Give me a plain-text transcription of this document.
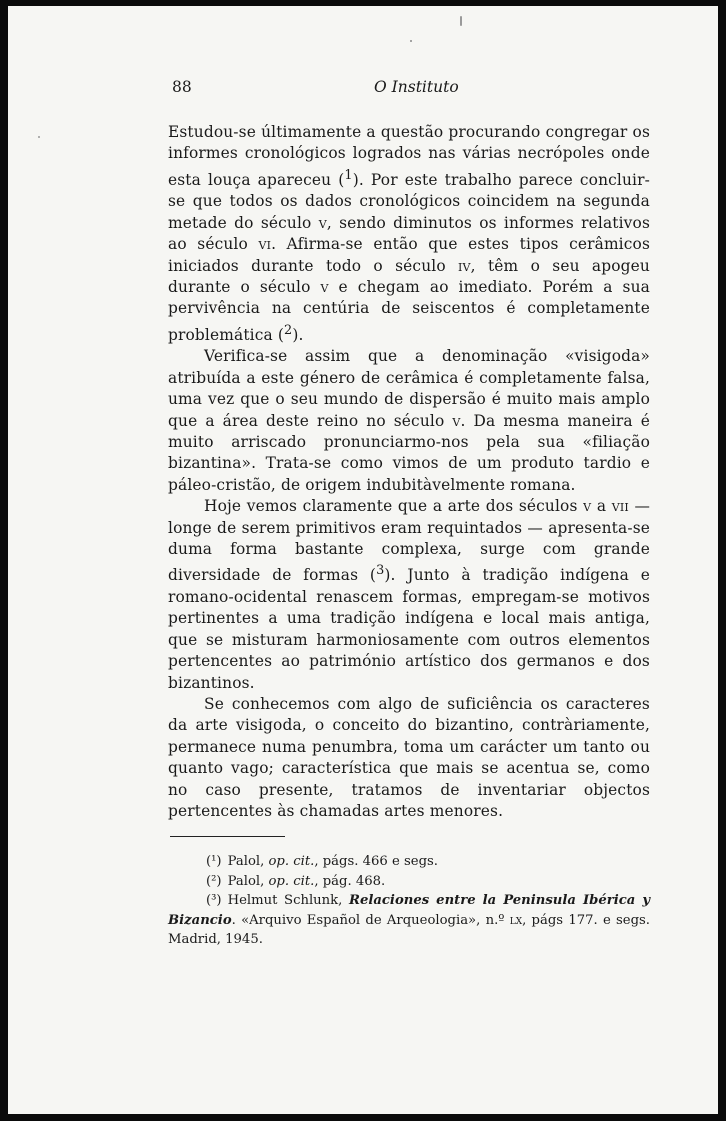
88	O Instituto

Estudou-se últimamente a questão procurando congregar os informes cronológicos logrados nas várias necrópoles onde esta louça apareceu ($^1$). Por este trabalho parece concluir-se que todos os dados cronológicos coincidem na segunda metade do século v, sendo diminutos os informes relativos ao século vi. Afirma-se então que estes tipos cerâmicos iniciados durante todo o século iv, têm o seu apogeu durante o século v e chegam ao imediato. Porém a sua pervivência na centúria de seiscentos é completamente problemática ($^2$).

Verifica-se assim que a denominação «visigoda» atribuída a este género de cerâmica é completamente falsa, uma vez que o seu mundo de dispersão é muito mais amplo que a área deste reino no século v. Da mesma maneira é muito arriscado pronunciarmo-nos pela sua «filiação bizantina». Trata-se como vimos de um produto tardio e páleo-cristão, de origem indubitàvelmente romana.

Hoje vemos claramente que a arte dos séculos v a vii — longe de serem primitivos eram requintados — apresenta-se duma forma bastante complexa, surge com grande diversidade de formas ($^3$). Junto à tradição indígena e romano-ocidental renascem formas, empregam-se motivos pertinentes a uma tradição indígena e local mais antiga, que se misturam harmoniosamente com outros elementos pertencentes ao património artístico dos germanos e dos bizantinos.

Se conhecemos com algo de suficiência os caracteres da arte visigoda, o conceito do bizantino, contràriamente, permanece numa penumbra, toma um carácter um tanto ou quanto vago; característica que mais se acentua se, como no caso presente, tratamos de inventariar objectos pertencentes às chamadas artes menores.

(¹) Palol, op. cit., págs. 466 e segs.

(²) Palol, op. cit., pág. 468.

(³) Helmut Schlunk, Relaciones entre la Peninsula Ibérica y Bizancio. «Arquivo Español de Arqueologia», n.º lx, págs 177. e segs. Madrid, 1945.
